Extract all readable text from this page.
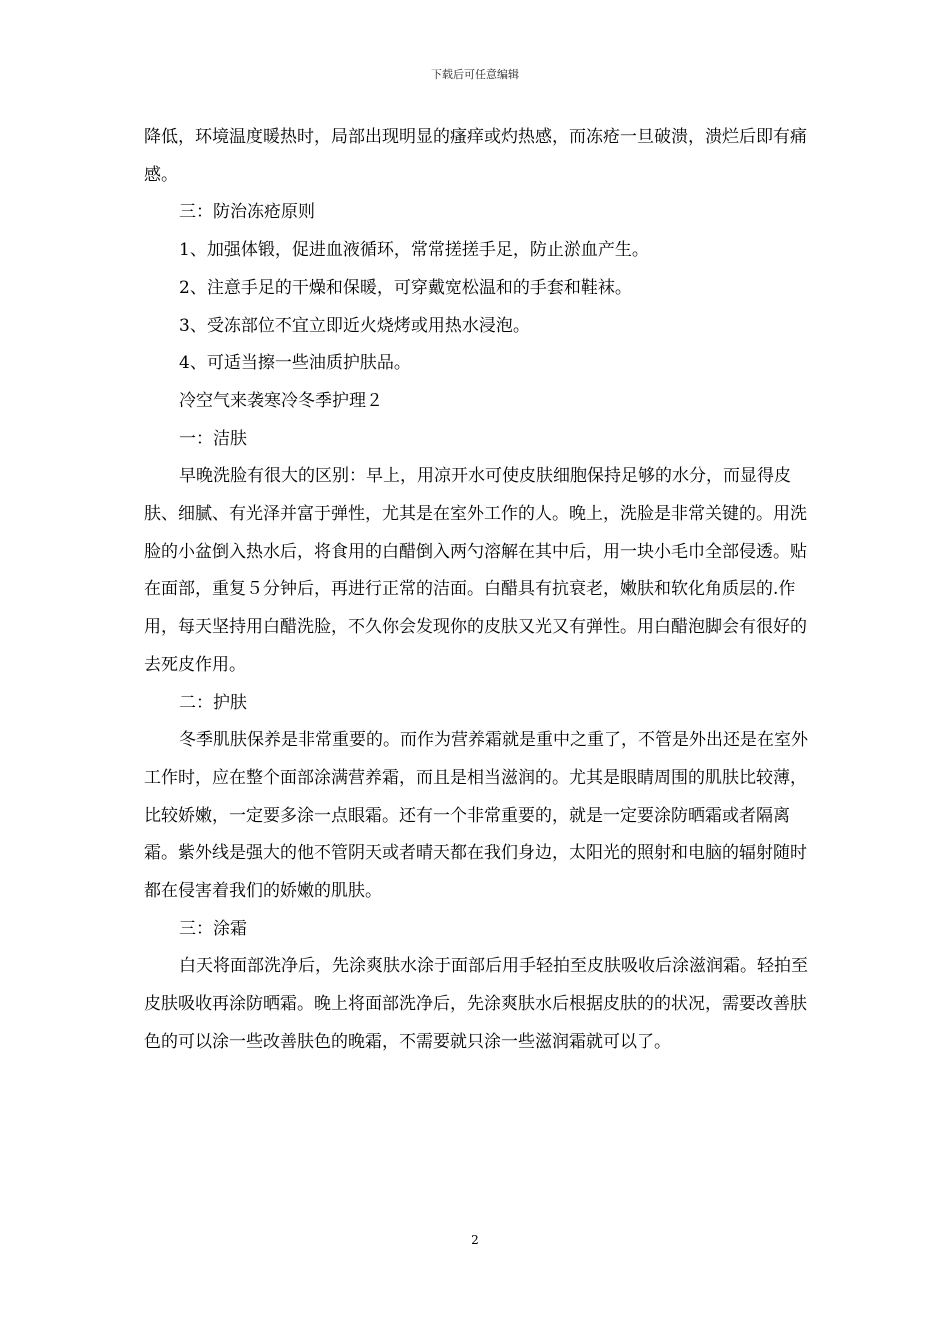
下载后可任意编辑

降低，环境温度暖热时，局部出现明显的瘙痒或灼热感，而冻疮一旦破溃，溃烂后即有痛感。

三：防治冻疮原则

1、加强体锻，促进血液循环，常常搓搓手足，防止淤血产生。

2、注意手足的干燥和保暖，可穿戴宽松温和的手套和鞋袜。

3、受冻部位不宜立即近火烧烤或用热水浸泡。

4、可适当擦一些油质护肤品。

冷空气来袭寒冷冬季护理２

一：洁肤

早晚洗脸有很大的区别：早上，用凉开水可使皮肤细胞保持足够的水分，而显得皮肤、细腻、有光泽并富于弹性，尤其是在室外工作的人。晚上，洗脸是非常关键的。用洗脸的小盆倒入热水后，将食用的白醋倒入两勺溶解在其中后，用一块小毛巾全部侵透。贴在面部，重复５分钟后，再进行正常的洁面。白醋具有抗衰老，嫩肤和软化角质层的.作用，每天坚持用白醋洗脸，不久你会发现你的皮肤又光又有弹性。用白醋泡脚会有很好的去死皮作用。

二：护肤

冬季肌肤保养是非常重要的。而作为营养霜就是重中之重了，不管是外出还是在室外工作时，应在整个面部涂满营养霜，而且是相当滋润的。尤其是眼睛周围的肌肤比较薄，比较娇嫩，一定要多涂一点眼霜。还有一个非常重要的，就是一定要涂防晒霜或者隔离霜。紫外线是强大的他不管阴天或者晴天都在我们身边，太阳光的照射和电脑的辐射随时都在侵害着我们的娇嫩的肌肤。

三：涂霜

白天将面部洗净后，先涂爽肤水涂于面部后用手轻拍至皮肤吸收后涂滋润霜。轻拍至皮肤吸收再涂防晒霜。晚上将面部洗净后，先涂爽肤水后根据皮肤的的状况，需要改善肤色的可以涂一些改善肤色的晚霜，不需要就只涂一些滋润霜就可以了。

2
